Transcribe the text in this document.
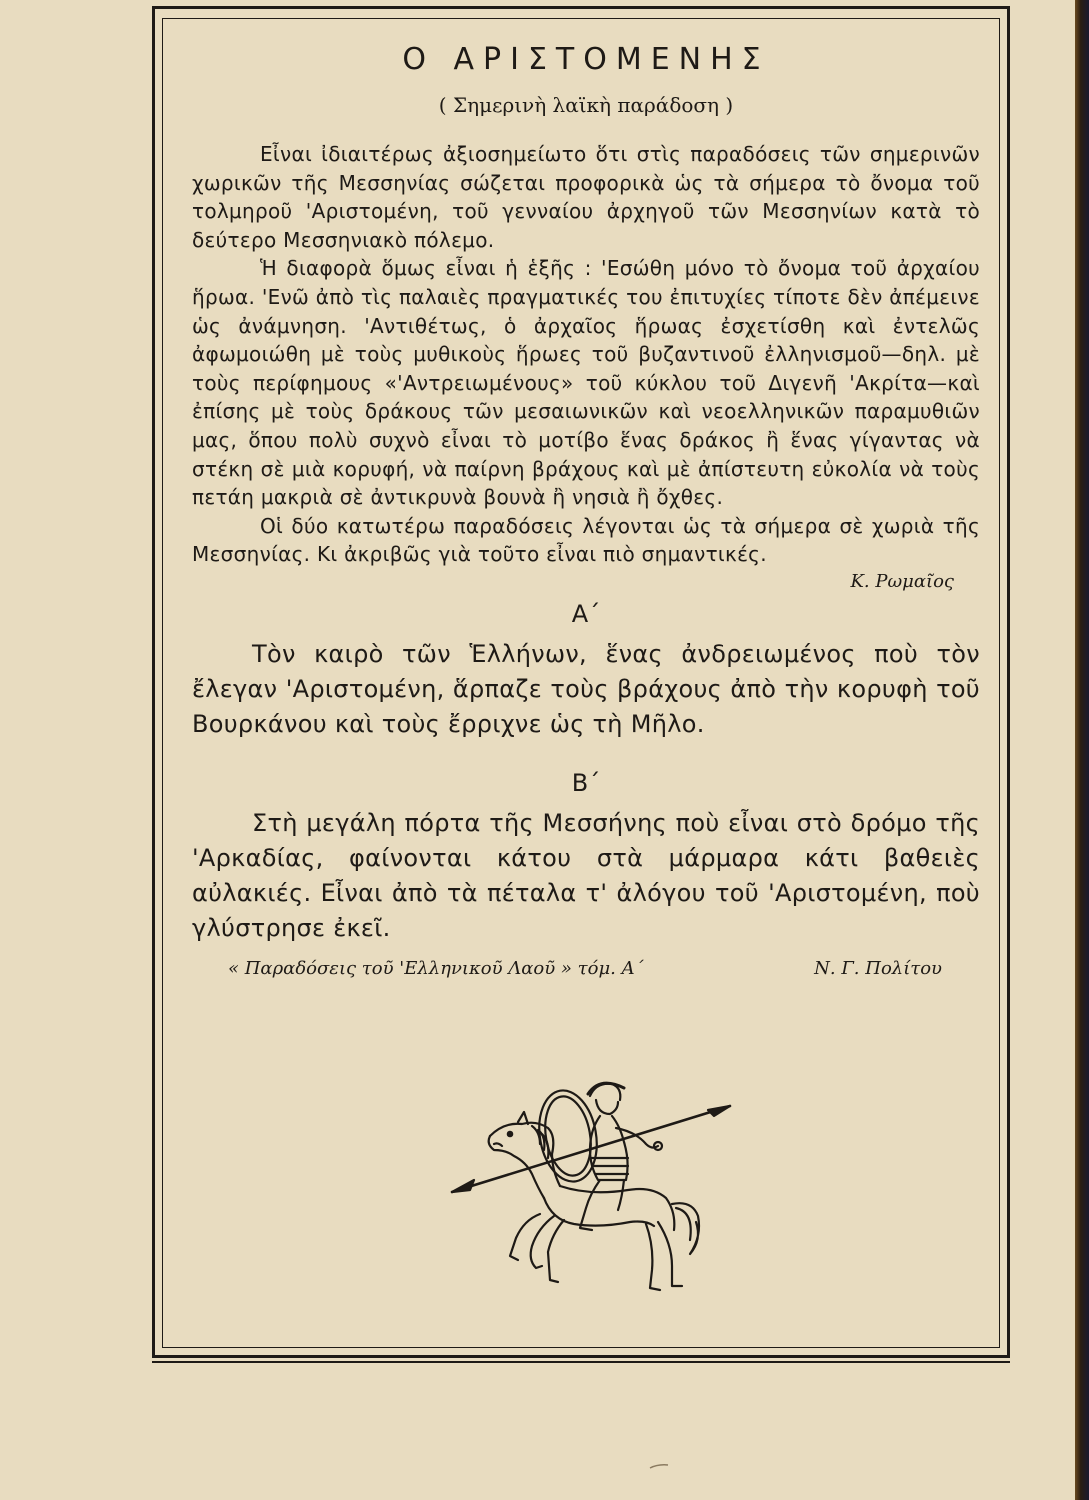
Ο ΑΡΙΣΤΟΜΕΝΗΣ
( Σημερινὴ λαϊκὴ παράδοση )

Εἶναι ἰδιαιτέρως ἀξιοσημείωτο ὅτι στὶς παραδόσεις τῶν σημερινῶν χωρικῶν τῆς Μεσσηνίας σώζεται προφορικὰ ὡς τὰ σήμερα τὸ ὄνομα τοῦ τολμηροῦ 'Αριστομένη, τοῦ γενναίου ἀρχηγοῦ τῶν Μεσσηνίων κατὰ τὸ δεύτερο Μεσσηνιακὸ πόλεμο.

Ἡ διαφορὰ ὅμως εἶναι ἡ ἑξῆς : 'Εσώθη μόνο τὸ ὄνομα τοῦ ἀρχαίου ἥρωα. 'Ενῶ ἀπὸ τὶς παλαιὲς πραγματικές του ἐπιτυχίες τίποτε δὲν ἀπέμεινε ὡς ἀνάμνηση. 'Αντιθέτως, ὁ ἀρχαῖος ἥρωας ἐσχετίσθη καὶ ἐντελῶς ἀφωμοιώθη μὲ τοὺς μυθικοὺς ἥρωες τοῦ βυζαντινοῦ ἐλληνισμοῦ—δηλ. μὲ τοὺς περίφημους «'Αντρειωμένους» τοῦ κύκλου τοῦ Διγενῆ 'Ακρίτα—καὶ ἐπίσης μὲ τοὺς δράκους τῶν μεσαιωνικῶν καὶ νεοελληνικῶν παραμυθιῶν μας, ὅπου πολὺ συχνὸ εἶναι τὸ μοτίβο ἕνας δράκος ἢ ἕνας γίγαντας νὰ στέκη σὲ μιὰ κορυφή, νὰ παίρνη βράχους καὶ μὲ ἀπίστευτη εὐκολία νὰ τοὺς πετάη μακριὰ σὲ ἀντικρυνὰ βουνὰ ἢ νησιὰ ἢ ὄχθες.

Οἱ δύο κατωτέρω παραδόσεις λέγονται ὡς τὰ σήμερα σὲ χωριὰ τῆς Μεσσηνίας. Κι ἀκριβῶς γιὰ τοῦτο εἶναι πιὸ σημαντικές.

Κ. Ρωμαῖος
Α΄

Τὸν καιρὸ τῶν Ἑλλήνων, ἕνας ἀνδρειωμένος ποὺ τὸν ἔλεγαν 'Αριστομένη, ἅρπαζε τοὺς βράχους ἀπὸ τὴν κορυφὴ τοῦ Βουρκάνου καὶ τοὺς ἔρριχνε ὡς τὴ Μῆλο.

Β΄

Στὴ μεγάλη πόρτα τῆς Μεσσήνης ποὺ εἶναι στὸ δρόμο τῆς 'Αρκαδίας, φαίνονται κάτου στὰ μάρμαρα κάτι βαθειὲς αὐλακιές. Εἶναι ἀπὸ τὰ πέταλα τ' ἀλόγου τοῦ 'Αριστομένη, ποὺ γλύστρησε ἐκεῖ.

« Παραδόσεις τοῦ 'Ελληνικοῦ Λαοῦ » τόμ. Α΄	Ν. Γ. Πολίτου
